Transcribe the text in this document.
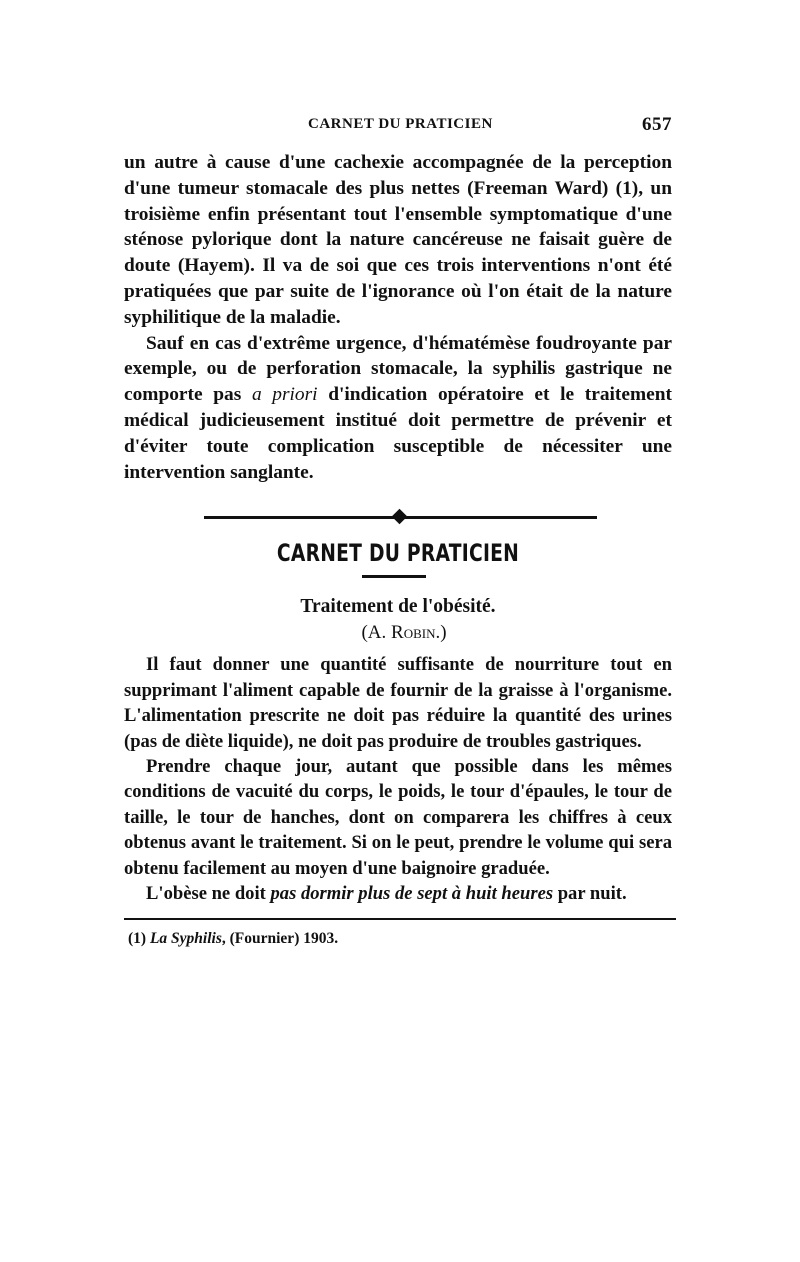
CARNET DU PRATICIEN	657

un autre à cause d'une cachexie accompagnée de la perception d'une tumeur stomacale des plus nettes (Freeman Ward) (1), un troisième enfin présentant tout l'ensemble symptomatique d'une sténose pylorique dont la nature cancéreuse ne faisait guère de doute (Hayem). Il va de soi que ces trois interventions n'ont été pratiquées que par suite de l'ignorance où l'on était de la nature syphilitique de la maladie.

Sauf en cas d'extrême urgence, d'hématémèse foudroyante par exemple, ou de perforation stomacale, la syphilis gastrique ne comporte pas a priori d'indication opératoire et le traitement médical judicieusement institué doit permettre de prévenir et d'éviter toute complication susceptible de nécessiter une intervention sanglante.

CARNET DU PRATICIEN
Traitement de l'obésité.
(A. Robin.)

Il faut donner une quantité suffisante de nourriture tout en supprimant l'aliment capable de fournir de la graisse à l'organisme. L'alimentation prescrite ne doit pas réduire la quantité des urines (pas de diète liquide), ne doit pas produire de troubles gastriques.

Prendre chaque jour, autant que possible dans les mêmes conditions de vacuité du corps, le poids, le tour d'épaules, le tour de taille, le tour de hanches, dont on comparera les chiffres à ceux obtenus avant le traitement. Si on le peut, prendre le volume qui sera obtenu facilement au moyen d'une baignoire graduée.

L'obèse ne doit pas dormir plus de sept à huit heures par nuit.

(1) La Syphilis, (Fournier) 1903.
